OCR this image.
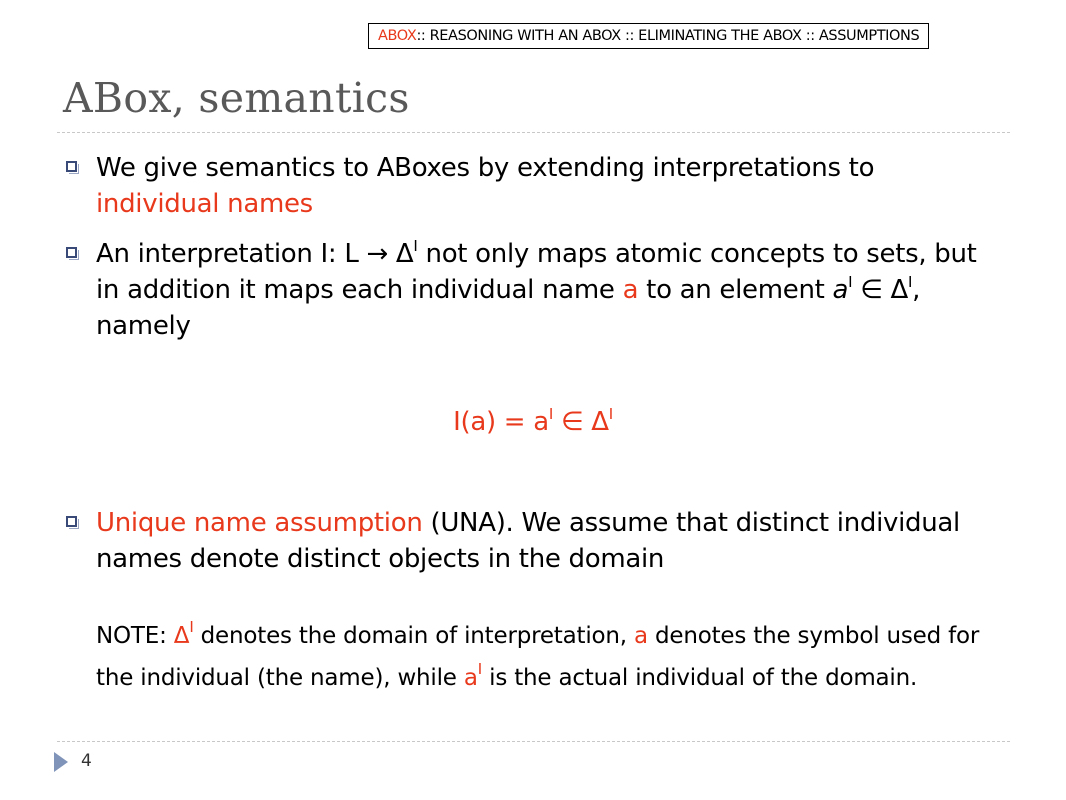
ABOX :: REASONING WITH AN ABOX :: ELIMINATING THE ABOX :: ASSUMPTIONS
ABox, semantics
We give semantics to ABoxes by extending interpretations to individual names
An interpretation I: $L \to \Delta^I$ not only maps atomic concepts to sets, but in addition it maps each individual name a to an element $a^I$ ∈ $\Delta^I$, namely
$I(a) = a^I$ ∈ $\Delta^I$
Unique name assumption (UNA). We assume that distinct individual names denote distinct objects in the domain
NOTE: $\Delta^I$ denotes the domain of interpretation, a denotes the symbol used for the individual (the name), while $a^I$ is the actual individual of the domain.
4
